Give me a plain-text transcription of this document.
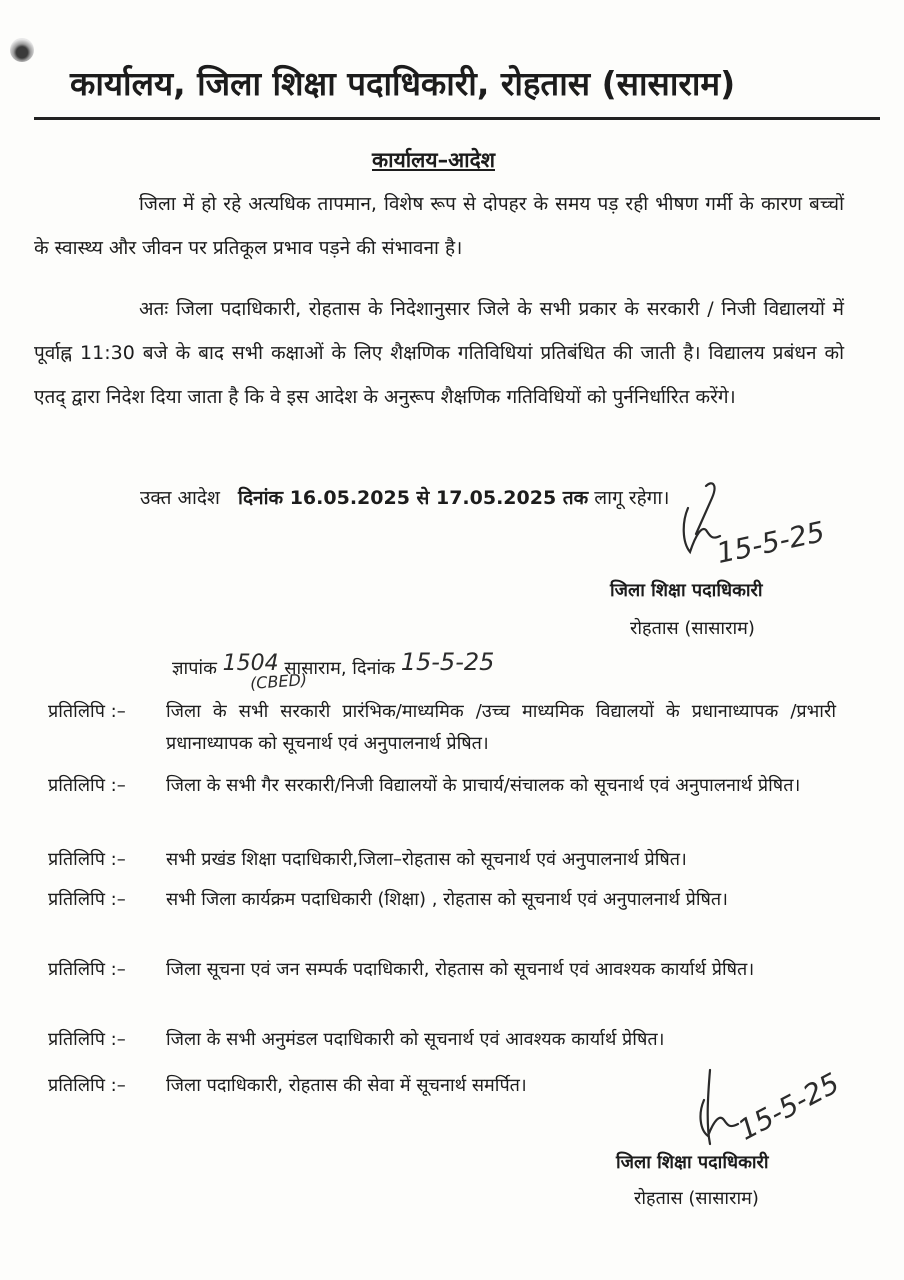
कार्यालय, जिला शिक्षा पदाधिकारी, रोहतास (सासाराम)
कार्यालय–आदेश
जिला में हो रहे अत्यधिक तापमान, विशेष रूप से दोपहर के समय पड़ रही भीषण गर्मी के कारण बच्चों के स्वास्थ्य और जीवन पर प्रतिकूल प्रभाव पड़ने की संभावना है।
अतः जिला पदाधिकारी, रोहतास के निदेशानुसार जिले के सभी प्रकार के सरकारी / निजी विद्यालयों में पूर्वाह्न 11:30 बजे के बाद सभी कक्षाओं के लिए शैक्षणिक गतिविधियां प्रतिबंधित की जाती है। विद्यालय प्रबंधन को एतद् द्वारा निदेश दिया जाता है कि वे इस आदेश के अनुरूप शैक्षणिक गतिविधियों को पुर्ननिर्धारित करेंगे।
उक्त आदेश दिनांक 16.05.2025 से 17.05.2025 तक लागू रहेगा।
15-5-25
जिला शिक्षा पदाधिकारी
रोहतास (सासाराम)
ज्ञापांक 1504 सासाराम, दिनांक 15-5-25
(CBED)
प्रतिलिपि :– जिला के सभी सरकारी प्रारंभिक/माध्यमिक /उच्च माध्यमिक विद्यालयों के प्रधानाध्यापक /प्रभारी प्रधानाध्यापक को सूचनार्थ एवं अनुपालनार्थ प्रेषित।
प्रतिलिपि :– जिला के सभी गैर सरकारी/निजी विद्यालयों के प्राचार्य/संचालक को सूचनार्थ एवं अनुपालनार्थ प्रेषित।
प्रतिलिपि :– सभी प्रखंड शिक्षा पदाधिकारी,जिला–रोहतास को सूचनार्थ एवं अनुपालनार्थ प्रेषित।
प्रतिलिपि :– सभी जिला कार्यक्रम पदाधिकारी (शिक्षा) , रोहतास को सूचनार्थ एवं अनुपालनार्थ प्रेषित।
प्रतिलिपि :– जिला सूचना एवं जन सम्पर्क पदाधिकारी, रोहतास को सूचनार्थ एवं आवश्यक कार्यार्थ प्रेषित।
प्रतिलिपि :– जिला के सभी अनुमंडल पदाधिकारी को सूचनार्थ एवं आवश्यक कार्यार्थ प्रेषित।
प्रतिलिपि :– जिला पदाधिकारी, रोहतास की सेवा में सूचनार्थ समर्पित।	15-5-25
जिला शिक्षा पदाधिकारी
रोहतास (सासाराम)
